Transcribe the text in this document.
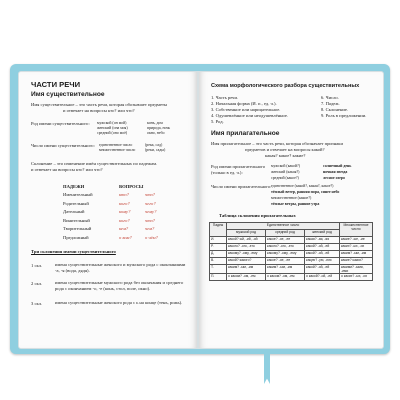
ЧАСТИ РЕЧИ
Имя существительное
Имя существительное – это часть речи, которая обозначает предметы
и отвечает на вопросы кто? или что?
Род имени существительного: мужской (он мой)	конь, дом
женский (она моя)	природа, ночь
средний (оно моё)	окно, небо
Число имени существительного: единственное число	(река, сад)
множественное число (реки, сады)
Склонение – это изменение имён существительных по падежам.
и отвечает на вопросы кто? или что?
ПАДЕЖИ	ВОПРОСЫ
Именительный	кто?	что?
Родительный	кого?	чего?
Дательный	кому?	чему?
Винительный	кого?	что?
Творительный	кем?	чем?
Предложный	о ком?	о чём?
Три склонения имени существительного
1 скл.	имена существительные женского и мужского рода с окончаниями -а, -я (вода, дядя).
2 скл.	имена существительные мужского рода без окончания и среднего рода с окончанием -о, -е (конь, стол, поле, окно).
3 скл.	имена существительные женского рода с ь на конце (тень, рожь).
Схема морфологического разбора существительных
1. Часть речи.
2. Начальная форма (И. п., ед. ч.).
3. Собственное или нарицательное.
4. Одушевлённое или неодушевлённое.
5. Род.
6. Число.
7. Падеж.
8. Склонение.
9. Роль в предложении.
Имя прилагательное
Имя прилагательное – это часть речи, которая обозначает признаки
предметов и отвечает на вопросы какой?
какая? какое? какие?
Род имени прилагательного (только в ед. ч.):
мужской (какой?)	солнечный день
женский (какая?)	ночная звезда
средний (какое?)	лесное озеро
Число имени прилагательного: единственное (какой?, какая?, какое?)
тёплый ветер, ранняя пора, синее небо
множественное (какие?)
тёплые ветры, ранние утра
Таблица склонения прилагательных
Падеж	Единственное число			Множественное число
	мужской род	средний род	женский род	
И.	какой? ый, -ий, -ой	какое? -ое, -ее	какая? -ая, -яя	какие? -ые, -ие
Р.	какого? -ого, -его	какого? -ого, -его	какой? -ой, -ей	каких? -ых, -их
Д.	какому? -ому, -ему	какому? -ому, -ему	какой? -ой, -ей	каким? -ым, -им
В.	какой? какого?	какое? -ое, -ее	какую? -ую, -юю	какие? каких?
Т.	каким? -ым, -им	каким? -ым, -им	какой? -ой, -ей	какими? -ыми, -ими
П.	о каком? -ом, -ем	о каком? -ом, -ем	о какой? -ой, -ей	о каких? -ых, -их
